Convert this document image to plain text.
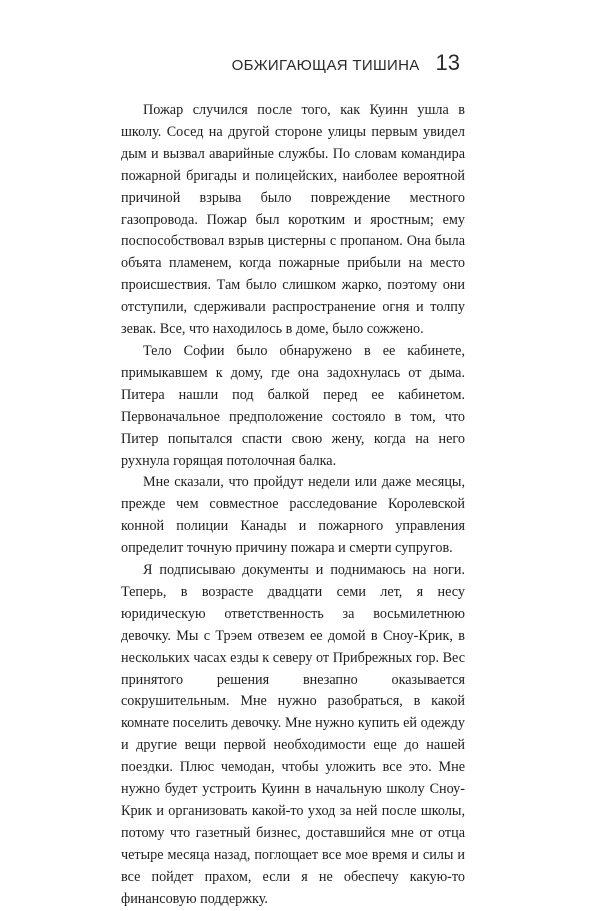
ОБЖИГАЮЩАЯ ТИШИНА 13

Пожар случился после того, как Куинн ушла в школу. Сосед на другой стороне улицы первым увидел дым и вызвал аварийные службы. По словам командира пожарной бригады и полицейских, наиболее вероятной причиной взрыва было повреждение местного газопровода. Пожар был коротким и яростным; ему поспособствовал взрыв цистерны с пропаном. Она была объята пламенем, когда пожарные прибыли на место происшествия. Там было слишком жарко, поэтому они отступили, сдерживали распространение огня и толпу зевак. Все, что находилось в доме, было сожжено.

Тело Софии было обнаружено в ее кабинете, примыкавшем к дому, где она задохнулась от дыма. Питера нашли под балкой перед ее кабинетом. Первоначальное предположение состояло в том, что Питер попытался спасти свою жену, когда на него рухнула горящая потолочная балка.

Мне сказали, что пройдут недели или даже месяцы, прежде чем совместное расследование Королевской конной полиции Канады и пожарного управления определит точную причину пожара и смерти супругов.

Я подписываю документы и поднимаюсь на ноги. Теперь, в возрасте двадцати семи лет, я несу юридическую ответственность за восьмилетнюю девочку. Мы с Трэем отвезем ее домой в Сноу-Крик, в нескольких часах езды к северу от Прибрежных гор. Вес принятого решения внезапно оказывается сокрушительным. Мне нужно разобраться, в какой комнате поселить девочку. Мне нужно купить ей одежду и другие вещи первой необходимости еще до нашей поездки. Плюс чемодан, чтобы уложить все это. Мне нужно будет устроить Куинн в начальную школу Сноу-Крик и организовать какой-то уход за ней после школы, потому что газетный бизнес, доставшийся мне от отца четыре месяца назад, поглощает все мое время и силы и все пойдет прахом, если я не обеспечу какую-то финансовую поддержку.
